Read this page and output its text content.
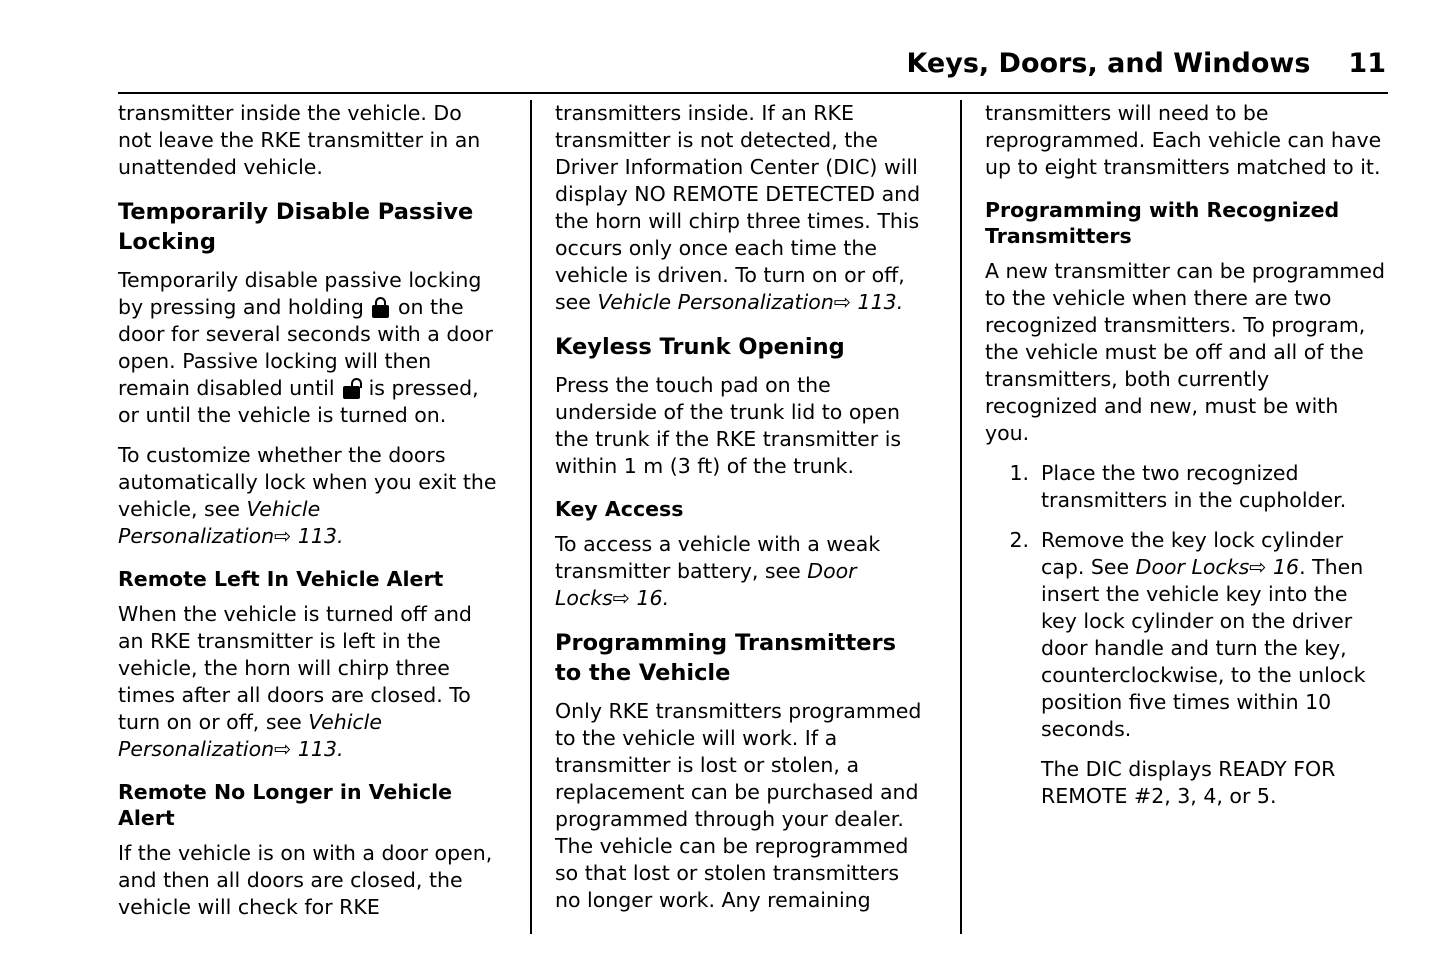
Keys, Doors, and Windows 11

transmitter inside the vehicle. Do not leave the RKE transmitter in an unattended vehicle.

Temporarily Disable Passive Locking

Temporarily disable passive locking by pressing and holding on the door for several seconds with a door open. Passive locking will then remain disabled until is pressed, or until the vehicle is turned on.

To customize whether the doors automatically lock when you exit the vehicle, see Vehicle Personalization⇨ 113.

Remote Left In Vehicle Alert

When the vehicle is turned off and an RKE transmitter is left in the vehicle, the horn will chirp three times after all doors are closed. To turn on or off, see Vehicle Personalization⇨ 113.

Remote No Longer in Vehicle Alert

If the vehicle is on with a door open, and then all doors are closed, the vehicle will check for RKE

transmitters inside. If an RKE transmitter is not detected, the Driver Information Center (DIC) will display NO REMOTE DETECTED and the horn will chirp three times. This occurs only once each time the vehicle is driven. To turn on or off, see Vehicle Personalization⇨ 113.

Keyless Trunk Opening

Press the touch pad on the underside of the trunk lid to open the trunk if the RKE transmitter is within 1 m (3 ft) of the trunk.

Key Access

To access a vehicle with a weak transmitter battery, see Door Locks⇨ 16.

Programming Transmitters to the Vehicle

Only RKE transmitters programmed to the vehicle will work. If a transmitter is lost or stolen, a replacement can be purchased and programmed through your dealer. The vehicle can be reprogrammed so that lost or stolen transmitters no longer work. Any remaining

transmitters will need to be reprogrammed. Each vehicle can have up to eight transmitters matched to it.

Programming with Recognized Transmitters

A new transmitter can be programmed to the vehicle when there are two recognized transmitters. To program, the vehicle must be off and all of the transmitters, both currently recognized and new, must be with you.

1. Place the two recognized transmitters in the cupholder.
2. Remove the key lock cylinder cap. See Door Locks⇨ 16. Then insert the vehicle key into the key lock cylinder on the driver door handle and turn the key, counterclockwise, to the unlock position five times within 10 seconds.
The DIC displays READY FOR REMOTE #2, 3, 4, or 5.
